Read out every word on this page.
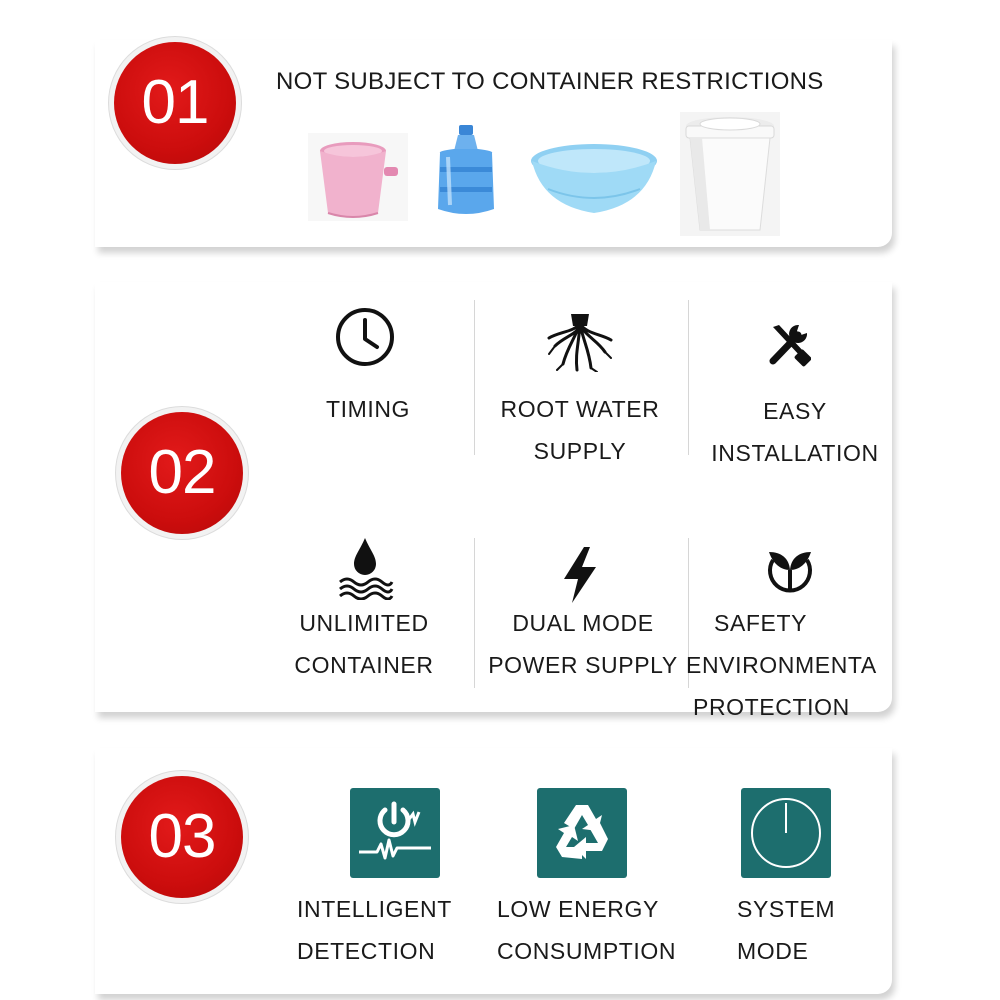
01	NOT SUBJECT TO CONTAINER RESTRICTIONS
02
TIMING	ROOT WATER
SUPPLY
EASY
INSTALLATION
UNLIMITED
CONTAINER
DUAL MODE
POWER SUPPLY
SAFETY
ENVIRONMENTA
PROTECTION
03
INTELLIGENT
DETECTION
LOW ENERGY
CONSUMPTION
SYSTEM
MODE
